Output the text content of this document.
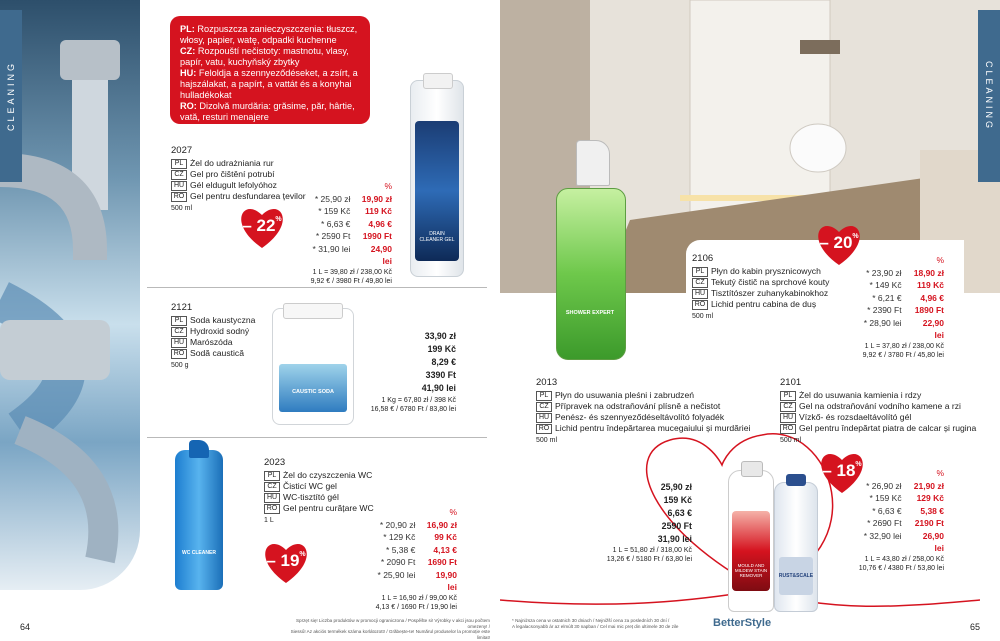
CLEANING	CLEANING
PL: Rozpuszcza zanieczyszczenia: tłuszcz, włosy, papier, watę, odpadki kuchenne
CZ: Rozpouští nečistoty: mastnotu, vlasy, papír, vatu, kuchyňský zbytky
HU: Feloldja a szennyeződéseket, a zsírt, a hajszálakat, a papírt, a vattát és a konyhai hulladékokat
RO: Dizolvă murdăria: grăsime, păr, hârtie, vată, resturi menajere
2027
PL Żel do udrażniania rur
CZ Gel pro čištění potrubí
HU Gél eldugult lefolyóhoz
RO Gel pentru desfundarea țevilor
500 ml
– 22%
%
* 25,90 zł 19,90 zł
* 159 Kč	119 Kč
* 6,63 €	4,96 €
* 2590 Ft 1990 Ft
* 31,90 lei	24,90 lei
1 L = 39,80 zł / 238,00 Kč
9,92 € / 3980 Ft / 49,80 lei
DRAIN CLEANER GEL
2121
PL Soda kaustyczna
CZ Hydroxid sodný
HU Marószóda
RO Sodă caustică
500 g
CAUSTIC SODA
33,90 zł
199 Kč
8,29 €
3390 Ft
41,90 lei
1 Kg = 67,80 zł / 398 Kč
16,58 € / 6780 Ft / 83,80 lei
WC CLEANER
2023
PL Żel do czyszczenia WC
CZ Čisticí WC gel
HU WC-tisztító gél
RO Gel pentru curățare WC
1 L
– 19%
%
* 20,90 zł 16,90 zł
* 129 Kč	99 Kč
* 5,38 €	4,13 €
* 2090 Ft 1690 Ft
* 25,90 lei	19,90 lei
1 L = 16,90 zł / 99,00 Kč
4,13 € / 1690 Ft / 19,90 lei
SHOWER EXPERT
2106
PL Płyn do kabin prysznicowych
CZ Tekutý čistič na sprchové kouty
HU Tisztítószer zuhanykabinokhoz
RO Lichid pentru cabina de duș
500 ml
– 20%
%
* 23,90 zł 18,90 zł
* 149 Kč	119 Kč
* 6,21 €	4,96 €
* 2390 Ft	1890 Ft
* 28,90 lei	22,90 lei
1 L = 37,80 zł / 238,00 Kč
9,92 € / 3780 Ft / 45,80 lei
2013
PL Płyn do usuwania pleśni i zabrudzeń
CZ Přípravek na odstraňování plísně a nečistot
HU Penész- és szennyeződéseltávolító folyadék
RO Lichid pentru îndepărtarea mucegaiului și murdăriei
500 ml
25,90 zł
159 Kč
6,63 €
2590 Ft
31,90 lei
1 L = 51,80 zł / 318,00 Kč
13,26 € / 5180 Ft / 63,80 lei
MOULD AND MILDEW STAIN REMOVER	RUST&SCALE
2101
PL Żel do usuwania kamienia i rdzy
CZ Gel na odstraňování vodního kamene a rzi
HU Vízkő- és rozsdaeltávolító gél
RO Gel pentru îndepărtat piatra de calcar și rugina
500 ml
– 18%
%
* 26,90 zł 21,90 zł
* 159 Kč	129 Kč
* 6,63 €	5,38 €
* 2690 Ft	2190 Ft
* 32,90 lei	26,90 lei
1 L = 43,80 zł / 258,00 Kč
10,76 € / 4380 Ft / 53,80 lei
64	65
Sprzęt się! Liczba produktów w promocji ograniczona / Pospěšte si! Výrobky v akci jsou počtem omezeny! /
Siessű! Az akciós termékek száma korlátozott! / Grăbește-te! Numărul produselor la promoție este limitat!
* Najniższa cena w ostatnich 30 dniach / Nejnižší cena za posledních 30 dní /
A legalacsonyabb ár az elmúlt 30 napban / Cel mai mic preț din ultimele 30 de zile	BetterStyle
